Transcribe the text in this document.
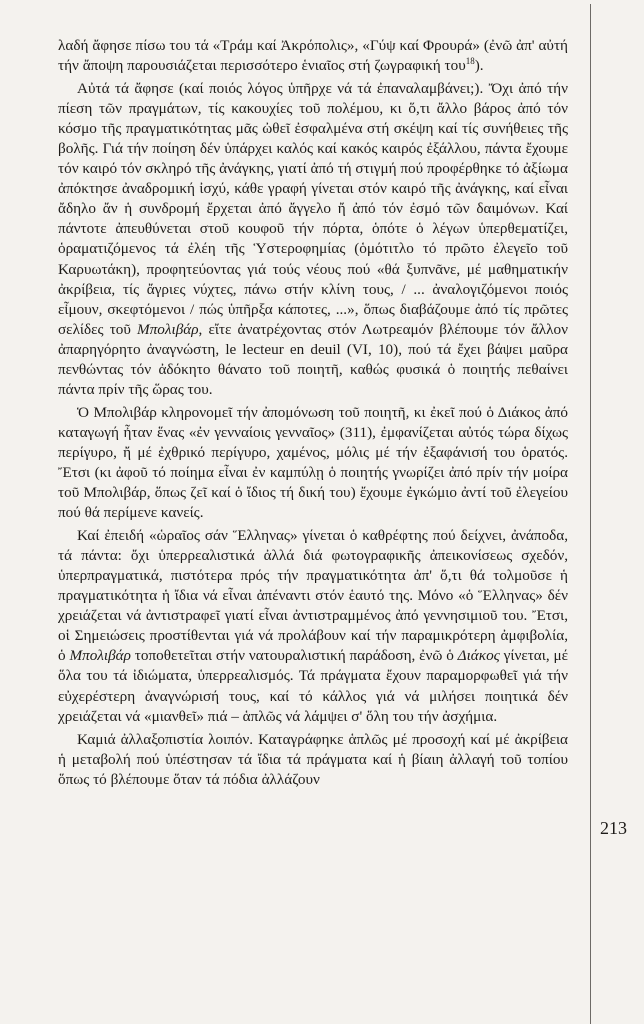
λαδή ἄφησε πίσω του τά «Τράμ καί Ἀκρόπολις», «Γύψ καί Φρουρά» (ἐνῶ ἀπ' αὐτή τήν ἄποψη παρουσιάζεται περισσότερο ἑνιαῖος στή ζωγραφική του$^{18}$).

Αὐτά τά ἄφησε (καί ποιός λόγος ὑπῆρχε νά τά ἐπαναλαμβάνει;). Ὄχι ἀπό τήν πίεση τῶν πραγμάτων, τίς κακουχίες τοῦ πολέμου, κι ὅ,τι ἄλλο βάρος ἀπό τόν κόσμο τῆς πραγματικότητας μᾶς ὠθεῖ ἐσφαλμένα στή σκέψη καί τίς συνήθειες τῆς βολῆς. Γιά τήν ποίηση δέν ὑπάρχει καλός καί κακός καιρός ἐξάλλου, πάντα ἔχουμε τόν καιρό τόν σκληρό τῆς ἀνάγκης, γιατί ἀπό τή στιγμή πού προφέρθηκε τό ἀξίωμα ἀπόκτησε ἀναδρομική ἰσχύ, κάθε γραφή γίνεται στόν καιρό τῆς ἀνάγκης, καί εἶναι ἄδηλο ἄν ἡ συνδρομή ἔρχεται ἀπό ἄγγελο ἤ ἀπό τόν ἐσμό τῶν δαιμόνων. Καί πάντοτε ἀπευθύνεται στοῦ κουφοῦ τήν πόρτα, ὁπότε ὁ λέγων ὑπερθεματίζει, ὁραματιζόμενος τά ἐλέη τῆς Ὑστεροφημίας (ὁμότιτλο τό πρῶτο ἐλεγεῖο τοῦ Καρυωτάκη), προφητεύοντας γιά τούς νέους πού «θά ξυπνᾶνε, μέ μαθηματικήν ἀκρίβεια, τίς ἄγριες νύχτες, πάνω στήν κλίνη τους, / ... ἀναλογιζόμενοι ποιός εἶμουν, σκεφτόμενοι / πώς ὑπῆρξα κάποτες, ...», ὅπως διαβάζουμε ἀπό τίς πρῶτες σελίδες τοῦ Μπολιβάρ, εἴτε ἀνατρέχοντας στόν Λωτρεαμόν βλέπουμε τόν ἄλλον ἀπαρηγόρητο ἀναγνώστη, le lecteur en deuil (VI, 10), πού τά ἔχει βάψει μαῦρα πενθώντας τόν ἀδόκητο θάνατο τοῦ ποιητῆ, καθώς φυσικά ὁ ποιητής πεθαίνει πάντα πρίν τῆς ὥρας του.

Ὁ Μπολιβάρ κληρονομεῖ τήν ἀπομόνωση τοῦ ποιητῆ, κι ἐκεῖ πού ὁ Διάκος ἀπό καταγωγή ἦταν ἕνας «ἐν γενναίοις γενναῖος» (311), ἐμφανίζεται αὐτός τώρα δίχως περίγυρο, ἤ μέ ἐχθρικό περίγυρο, χαμένος, μόλις μέ τήν ἐξαφάνισή του ὁρατός. Ἔτσι (κι ἀφοῦ τό ποίημα εἶναι ἐν καμπύλῃ ὁ ποιητής γνωρίζει ἀπό πρίν τήν μοίρα τοῦ Μπολιβάρ, ὅπως ζεῖ καί ὁ ἴδιος τή δική του) ἔχουμε ἐγκώμιο ἀντί τοῦ ἐλεγείου πού θά περίμενε κανείς.

Καί ἐπειδή «ὡραῖος σάν Ἕλληνας» γίνεται ὁ καθρέφτης πού δείχνει, ἀνάποδα, τά πάντα: ὄχι ὑπερρεαλιστικά ἀλλά διά φωτογραφικῆς ἀπεικονίσεως σχεδόν, ὑπερπραγματικά, πιστότερα πρός τήν πραγματικότητα ἀπ' ὅ,τι θά τολμοῦσε ἡ πραγματικότητα ἡ ἴδια νά εἶναι ἀπέναντι στόν ἑαυτό της. Μόνο «ὁ Ἕλληνας» δέν χρειάζεται νά ἀντιστραφεῖ γιατί εἶναι ἀντιστραμμένος ἀπό γεννησιμιοῦ του. Ἔτσι, οἱ Σημειώσεις προστίθενται γιά νά προλάβουν καί τήν παραμικρότερη ἀμφιβολία, ὁ Μπολιβάρ τοποθετεῖται στήν νατουραλιστική παράδοση, ἐνῶ ὁ Διάκος γίνεται, μέ ὅλα του τά ἰδιώματα, ὑπερρεαλισμός. Τά πράγματα ἔχουν παραμορφωθεῖ γιά τήν εὐχερέστερη ἀναγνώρισή τους, καί τό κάλλος γιά νά μιλήσει ποιητικά δέν χρειάζεται νά «μιανθεῖ» πιά – ἁπλῶς νά λάμψει σ' ὅλη του τήν ἀσχήμια.

Καμιά ἀλλαξοπιστία λοιπόν. Καταγράφηκε ἁπλῶς μέ προσοχή καί μέ ἀκρίβεια ἡ μεταβολή πού ὑπέστησαν τά ἴδια τά πράγματα καί ἡ βίαιη ἀλλαγή τοῦ τοπίου ὅπως τό βλέπουμε ὅταν τά πόδια ἀλλάζουν

213
